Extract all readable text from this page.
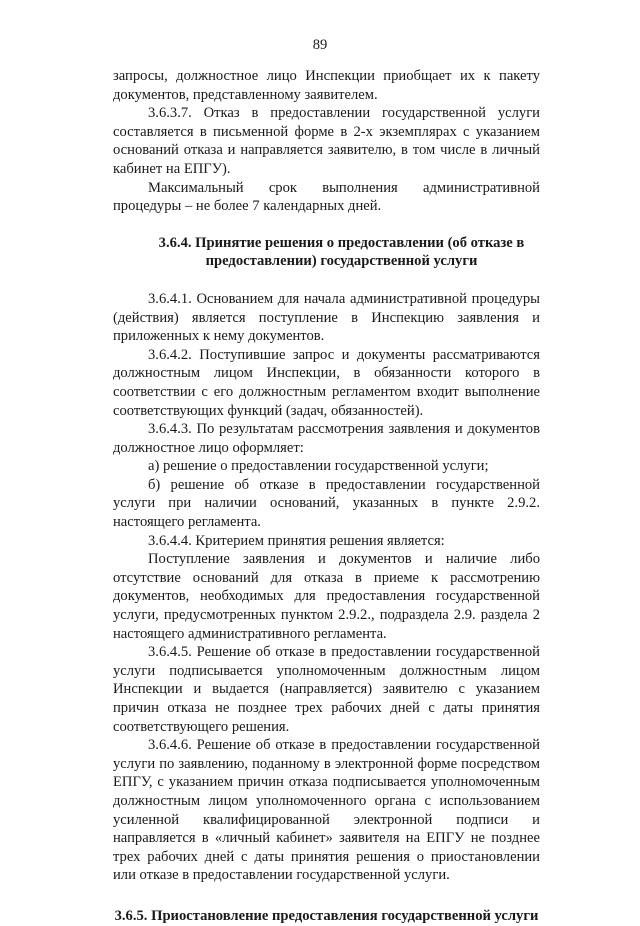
89

запросы, должностное лицо Инспекции приобщает их к пакету документов, представленному заявителем.

3.6.3.7. Отказ в предоставлении государственной услуги составляется в письменной форме в 2-х экземплярах с указанием оснований отказа и направляется заявителю, в том числе в личный кабинет на ЕПГУ).

Максимальный срок выполнения административной процедуры – не более 7 календарных дней.

3.6.4. Принятие решения о предоставлении (об отказе в предоставлении) государственной услуги

3.6.4.1. Основанием для начала административной процедуры (действия) является поступление в Инспекцию заявления и приложенных к нему документов.

3.6.4.2. Поступившие запрос и документы рассматриваются должностным лицом Инспекции, в обязанности которого в соответствии с его должностным регламентом входит выполнение соответствующих функций (задач, обязанностей).

3.6.4.3. По результатам рассмотрения заявления и документов должностное лицо оформляет:

а) решение о предоставлении государственной услуги;

б) решение об отказе в предоставлении государственной услуги при наличии оснований, указанных в пункте 2.9.2. настоящего регламента.

3.6.4.4. Критерием принятия решения является:

Поступление заявления и документов и наличие либо отсутствие оснований для отказа в приеме к рассмотрению документов, необходимых для предоставления государственной услуги, предусмотренных пунктом 2.9.2., подраздела 2.9. раздела 2 настоящего административного регламента.

3.6.4.5. Решение об отказе в предоставлении государственной услуги подписывается уполномоченным должностным лицом Инспекции и выдается (направляется) заявителю с указанием причин отказа не позднее трех рабочих дней с даты принятия соответствующего решения.

3.6.4.6. Решение об отказе в предоставлении государственной услуги по заявлению, поданному в электронной форме посредством ЕПГУ, с указанием причин отказа подписывается уполномоченным должностным лицом уполномоченного органа с использованием усиленной квалифицированной электронной подписи и направляется в «личный кабинет» заявителя на ЕПГУ не позднее трех рабочих дней с даты принятия решения о приостановлении или отказе в предоставлении государственной услуги.

3.6.5. Приостановление предоставления государственной услуги
